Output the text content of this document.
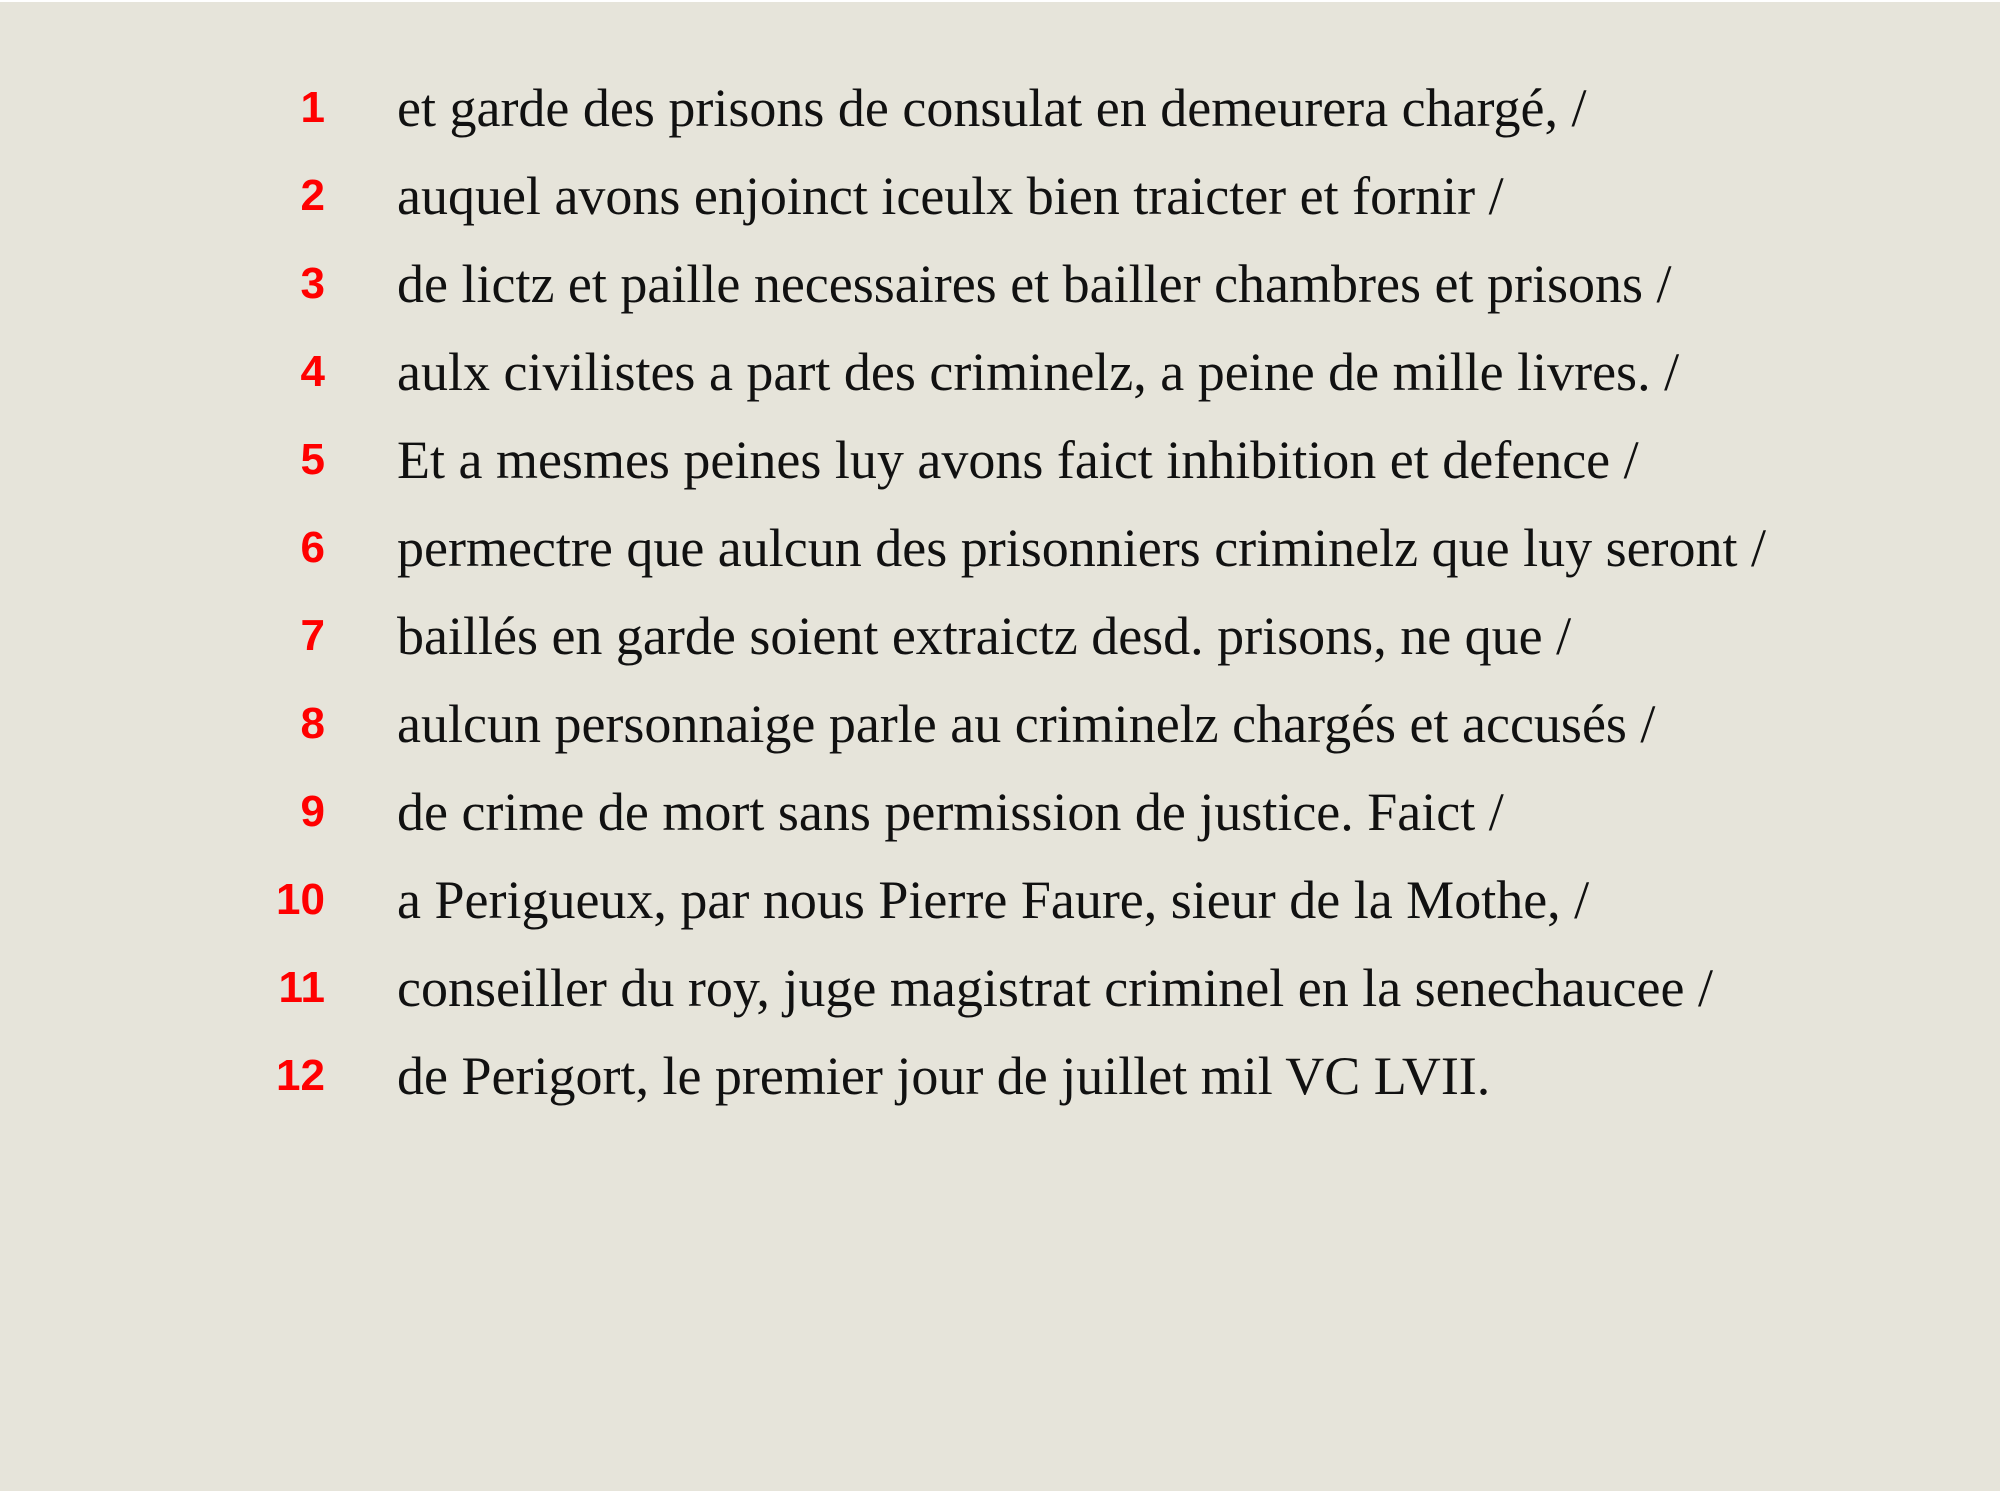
1 et garde des prisons de consulat en demeurera chargé, /
2 auquel avons enjoinct iceulx bien traicter et fornir /
3 de lictz et paille necessaires et bailler chambres et prisons /
4 aulx civilistes a part des criminelz, a peine de mille livres. /
5 Et a mesmes peines luy avons faict inhibition et defence /
6 permectre que aulcun des prisonniers criminelz que luy seront /
7 baillés en garde soient extraictz desd. prisons, ne que /
8 aulcun personnaige parle au criminelz chargés et accusés /
9 de crime de mort sans permission de justice. Faict /
10 a Perigueux, par nous Pierre Faure, sieur de la Mothe, /
11 conseiller du roy, juge magistrat criminel en la senechaucee /
12 de Perigort, le premier jour de juillet mil VC LVII.
